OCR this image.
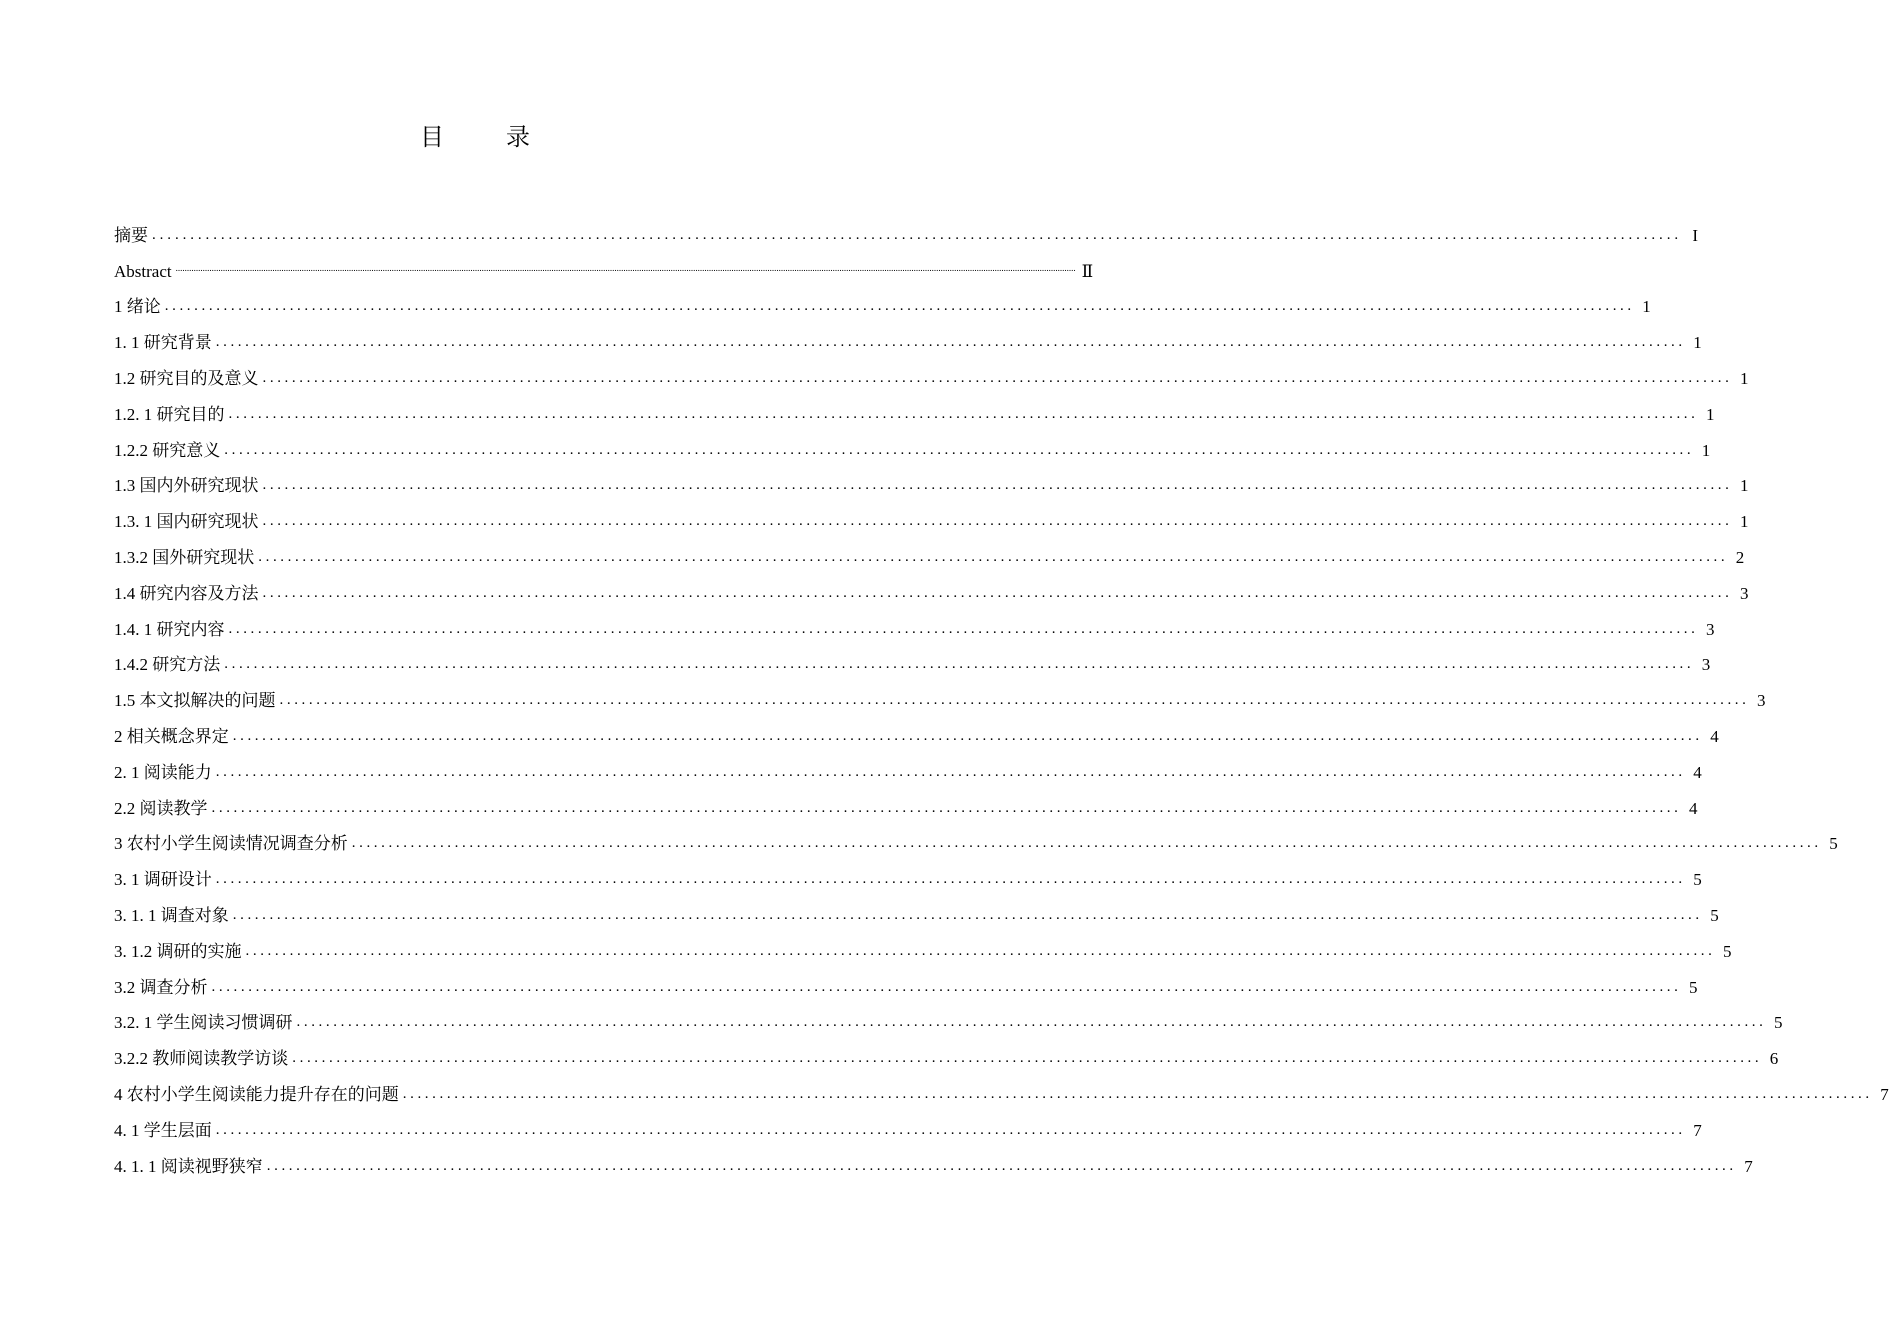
目 录
摘要 ........................................................................................................................................................................................................ I
Abstract ................................................................................................................................................................................................................................................................................................................................................................................................................ Ⅱ
1 绪论 ........................................................................................................................................................................................................ 1
1. 1 研究背景 ........................................................................................................................................................................................................ 1
1.2 研究目的及意义 ........................................................................................................................................................................................................ 1
1.2. 1 研究目的 ........................................................................................................................................................................................................ 1
1.2.2 研究意义 ........................................................................................................................................................................................................ 1
1.3 国内外研究现状 ........................................................................................................................................................................................................ 1
1.3. 1 国内研究现状 ........................................................................................................................................................................................................ 1
1.3.2 国外研究现状 ........................................................................................................................................................................................................ 2
1.4 研究内容及方法 ........................................................................................................................................................................................................ 3
1.4. 1 研究内容 ........................................................................................................................................................................................................ 3
1.4.2 研究方法 ........................................................................................................................................................................................................ 3
1.5 本文拟解决的问题 ........................................................................................................................................................................................................ 3
2 相关概念界定 ........................................................................................................................................................................................................ 4
2. 1 阅读能力 ........................................................................................................................................................................................................ 4
2.2 阅读教学 ........................................................................................................................................................................................................ 4
3 农村小学生阅读情况调查分析 ........................................................................................................................................................................................................ 5
3. 1 调研设计 ........................................................................................................................................................................................................ 5
3. 1. 1 调查对象 ........................................................................................................................................................................................................ 5
3. 1.2 调研的实施 ........................................................................................................................................................................................................ 5
3.2 调查分析 ........................................................................................................................................................................................................ 5
3.2. 1 学生阅读习惯调研 ........................................................................................................................................................................................................ 5
3.2.2 教师阅读教学访谈 ........................................................................................................................................................................................................ 6
4 农村小学生阅读能力提升存在的问题 ........................................................................................................................................................................................................ 7
4. 1 学生层面 ........................................................................................................................................................................................................ 7
4. 1. 1 阅读视野狭窄 ........................................................................................................................................................................................................ 7
